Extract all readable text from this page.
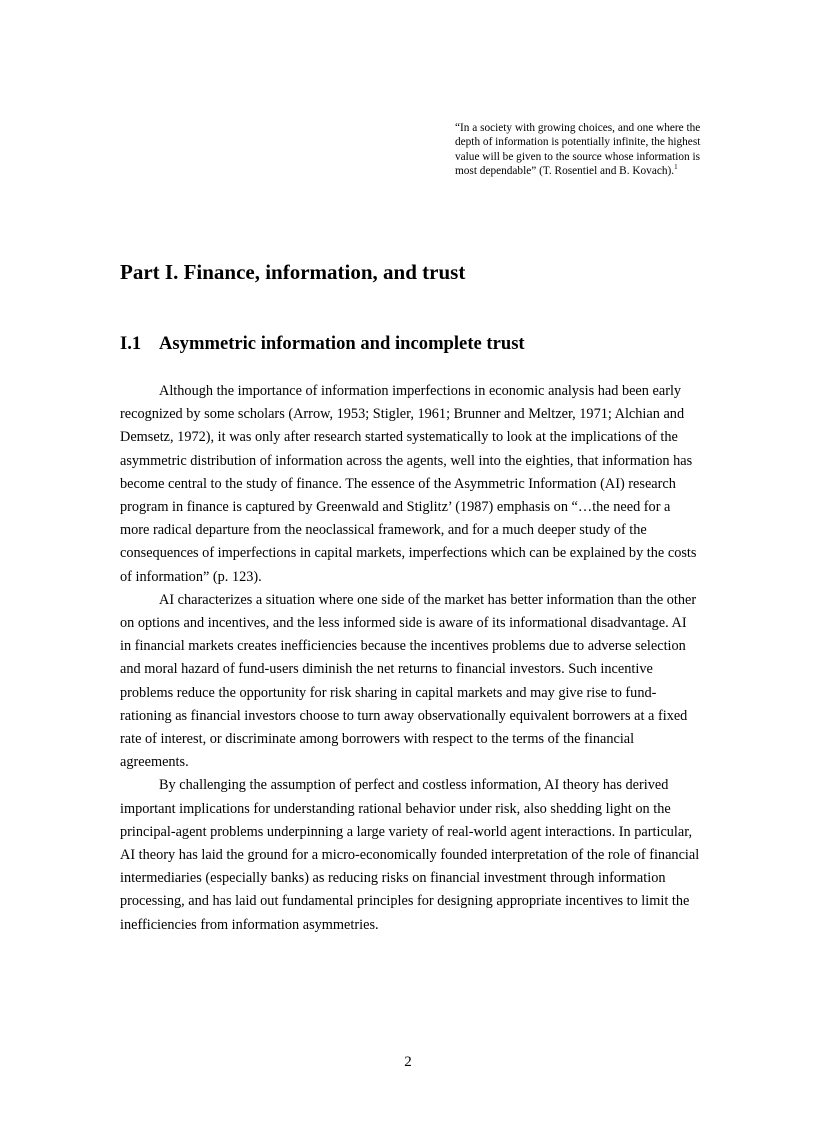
“In a society with growing choices, and one where the depth of information is potentially infinite, the highest value will be given to the source whose information is most dependable” (T. Rosentiel and B. Kovach).$^1$
Part I. Finance, information, and trust
I.1 Asymmetric information and incomplete trust

Although the importance of information imperfections in economic analysis had been early recognized by some scholars (Arrow, 1953; Stigler, 1961; Brunner and Meltzer, 1971; Alchian and Demsetz, 1972), it was only after research started systematically to look at the implications of the asymmetric distribution of information across the agents, well into the eighties, that information has become central to the study of finance. The essence of the Asymmetric Information (AI) research program in finance is captured by Greenwald and Stiglitz’ (1987) emphasis on “…the need for a more radical departure from the neoclassical framework, and for a much deeper study of the consequences of imperfections in capital markets, imperfections which can be explained by the costs of information” (p. 123).

AI characterizes a situation where one side of the market has better information than the other on options and incentives, and the less informed side is aware of its informational disadvantage. AI in financial markets creates inefficiencies because the incentives problems due to adverse selection and moral hazard of fund-users diminish the net returns to financial investors. Such incentive problems reduce the opportunity for risk sharing in capital markets and may give rise to fund-rationing as financial investors choose to turn away observationally equivalent borrowers at a fixed rate of interest, or discriminate among borrowers with respect to the terms of the financial agreements.

By challenging the assumption of perfect and costless information, AI theory has derived important implications for understanding rational behavior under risk, also shedding light on the principal-agent problems underpinning a large variety of real-world agent interactions. In particular, AI theory has laid the ground for a micro-economically founded interpretation of the role of financial intermediaries (especially banks) as reducing risks on financial investment through information processing, and has laid out fundamental principles for designing appropriate incentives to limit the inefficiencies from information asymmetries.

2
